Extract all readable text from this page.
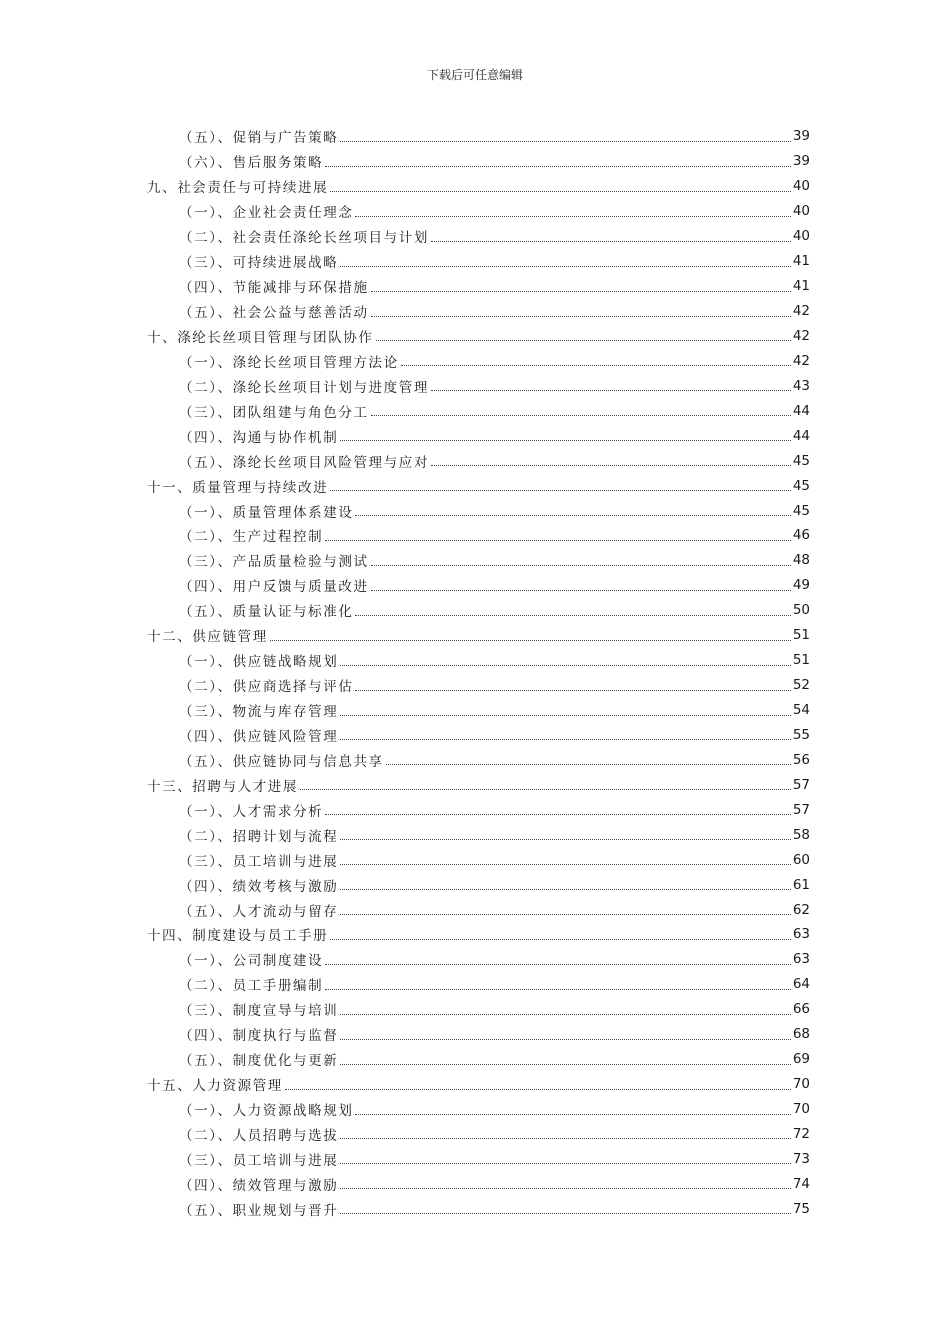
下载后可任意编辑
（五）、促销与广告策略	39
（六）、售后服务策略	39
九、社会责任与可持续进展	40
（一）、企业社会责任理念	40
（二）、社会责任涤纶长丝项目与计划	40
（三）、可持续进展战略	41
（四）、节能减排与环保措施	41
（五）、社会公益与慈善活动	42
十、涤纶长丝项目管理与团队协作	42
（一）、涤纶长丝项目管理方法论	42
（二）、涤纶长丝项目计划与进度管理	43
（三）、团队组建与角色分工	44
（四）、沟通与协作机制	44
（五）、涤纶长丝项目风险管理与应对	45
十一、质量管理与持续改进	45
（一）、质量管理体系建设	45
（二）、生产过程控制	46
（三）、产品质量检验与测试	48
（四）、用户反馈与质量改进	49
（五）、质量认证与标准化	50
十二、供应链管理	51
（一）、供应链战略规划	51
（二）、供应商选择与评估	52
（三）、物流与库存管理	54
（四）、供应链风险管理	55
（五）、供应链协同与信息共享	56
十三、招聘与人才进展	57
（一）、人才需求分析	57
（二）、招聘计划与流程	58
（三）、员工培训与进展	60
（四）、绩效考核与激励	61
（五）、人才流动与留存	62
十四、制度建设与员工手册	63
（一）、公司制度建设	63
（二）、员工手册编制	64
（三）、制度宣导与培训	66
（四）、制度执行与监督	68
（五）、制度优化与更新	69
十五、人力资源管理	70
（一）、人力资源战略规划	70
（二）、人员招聘与选拔	72
（三）、员工培训与进展	73
（四）、绩效管理与激励	74
（五）、职业规划与晋升	75
